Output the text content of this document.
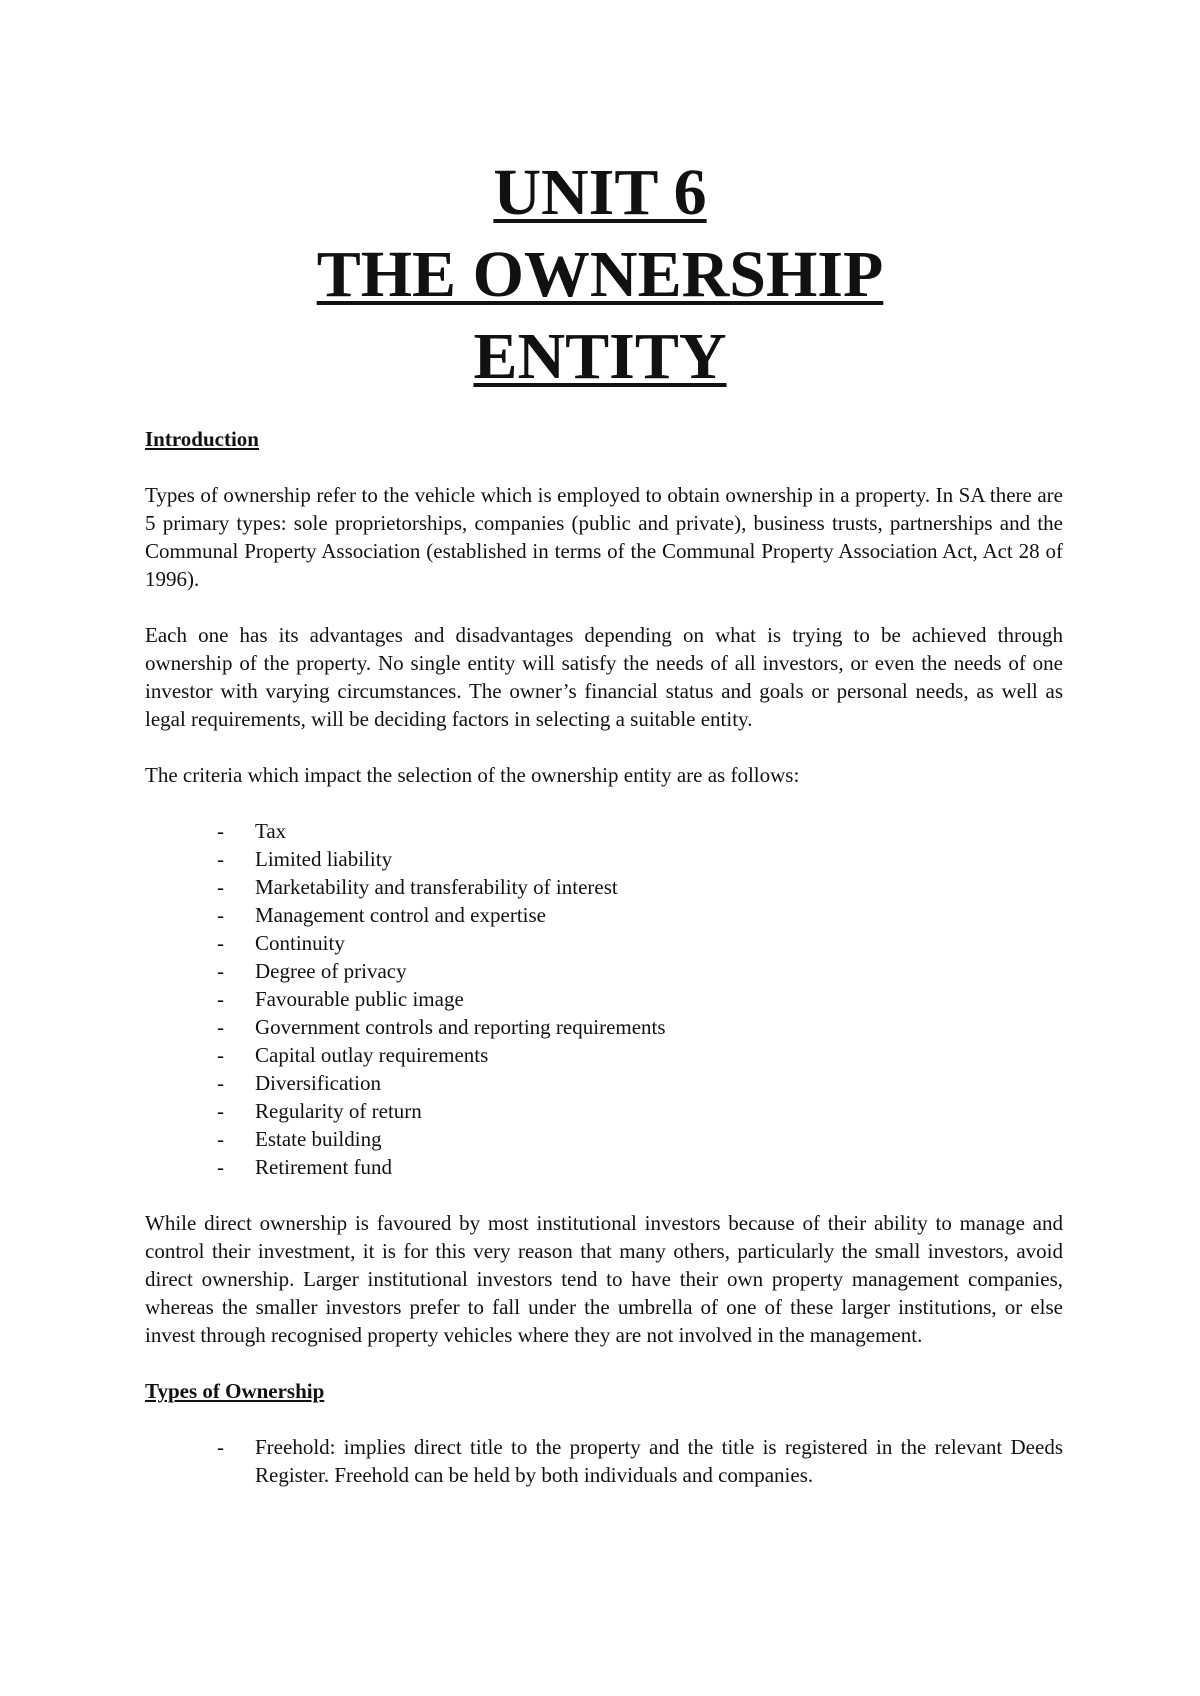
UNIT 6
THE OWNERSHIP
ENTITY
Introduction

Types of ownership refer to the vehicle which is employed to obtain ownership in a property. In SA there are 5 primary types: sole proprietorships, companies (public and private), business trusts, partnerships and the Communal Property Association (established in terms of the Communal Property Association Act, Act 28 of 1996).

Each one has its advantages and disadvantages depending on what is trying to be achieved through ownership of the property. No single entity will satisfy the needs of all investors, or even the needs of one investor with varying circumstances. The owner’s financial status and goals or personal needs, as well as legal requirements, will be deciding factors in selecting a suitable entity.

The criteria which impact the selection of the ownership entity are as follows:

- Tax
- Limited liability
- Marketability and transferability of interest
- Management control and expertise
- Continuity
- Degree of privacy
- Favourable public image
- Government controls and reporting requirements
- Capital outlay requirements
- Diversification
- Regularity of return
- Estate building
- Retirement fund

While direct ownership is favoured by most institutional investors because of their ability to manage and control their investment, it is for this very reason that many others, particularly the small investors, avoid direct ownership. Larger institutional investors tend to have their own property management companies, whereas the smaller investors prefer to fall under the umbrella of one of these larger institutions, or else invest through recognised property vehicles where they are not involved in the management.

Types of Ownership
- Freehold: implies direct title to the property and the title is registered in the relevant Deeds Register. Freehold can be held by both individuals and companies.
